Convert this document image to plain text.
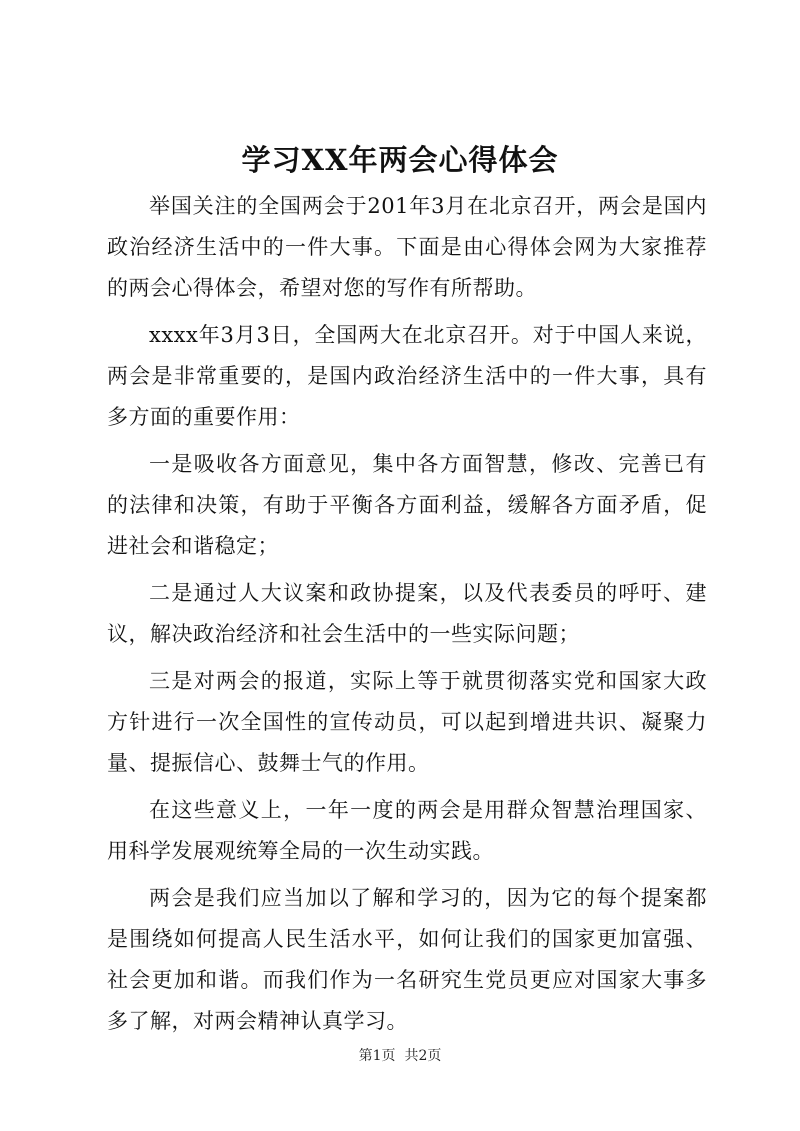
学习XX年两会心得体会

举国关注的全国两会于201年3月在北京召开，两会是国内政治经济生活中的一件大事。下面是由心得体会网为大家推荐的两会心得体会，希望对您的写作有所帮助。

xxxx年3月3日，全国两大在北京召开。对于中国人来说，两会是非常重要的，是国内政治经济生活中的一件大事，具有多方面的重要作用：

一是吸收各方面意见，集中各方面智慧，修改、完善已有的法律和决策，有助于平衡各方面利益，缓解各方面矛盾，促进社会和谐稳定；

二是通过人大议案和政协提案，以及代表委员的呼吁、建议，解决政治经济和社会生活中的一些实际问题；

三是对两会的报道，实际上等于就贯彻落实党和国家大政方针进行一次全国性的宣传动员，可以起到增进共识、凝聚力量、提振信心、鼓舞士气的作用。

在这些意义上，一年一度的两会是用群众智慧治理国家、用科学发展观统筹全局的一次生动实践。

两会是我们应当加以了解和学习的，因为它的每个提案都是围绕如何提高人民生活水平，如何让我们的国家更加富强、社会更加和谐。而我们作为一名研究生党员更应对国家大事多多了解，对两会精神认真学习。

第1页 共2页
